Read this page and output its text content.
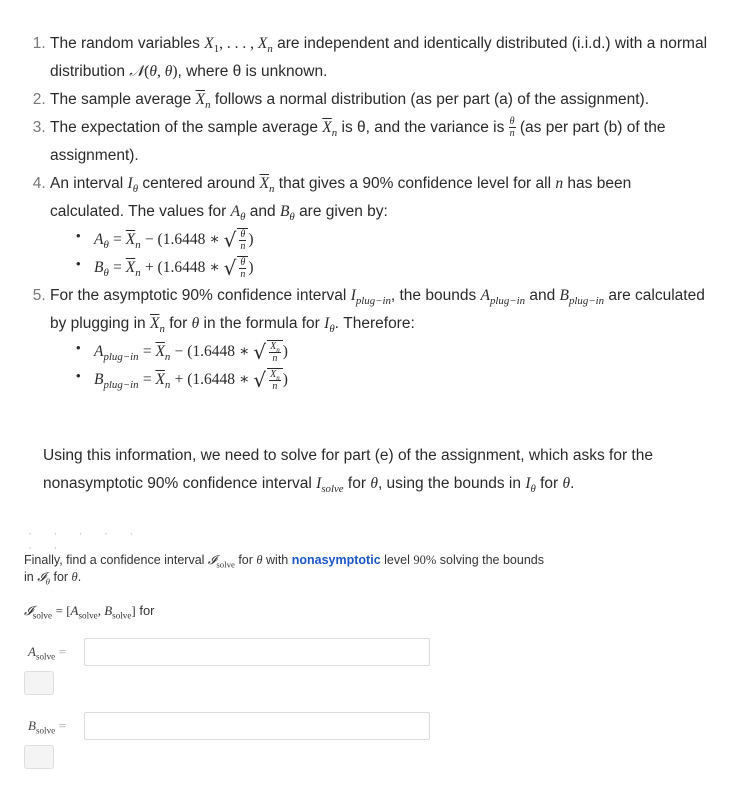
1. The random variables $X_1$, . . . , $X_n$ are independent and identically distributed (i.i.d.) with a normal distribution 𝒩(θ, θ), where θ is unknown.
2. The sample average $\overline{X}_n$ follows a normal distribution (as per part (a) of the assignment).
3. The expectation of the sample average $\overline{X}_n$ is θ, and the variance is $\frac{\theta}{n} (as$ per part (b) of the assignment).
4. An interval $I_\theta$ centered around $\overline{X}_n$ that gives a 90% confidence level for all n has been calculated. The values for $A_\theta$ and $B_\theta$ are given by:
• $A_\theta = \overline{X}_n - (1.6448$ ∗ √ $\frac{\theta}{n}$ )
• $B_\theta = \overline{X}_n + (1.6448$ ∗ √ $\frac{\theta}{n}$ )
5. For the asymptotic 90% confidence interval $I_{plug-in}$, the bounds $A_{plug-in}$ and $B_{plug-in}$ are calculated by plugging in $\overline{X}_n$ for θ in the formula for $I_\theta$. Therefore:
• $A_{plug-in} = \overline{X}_n - (1.6448$ ∗ √ $\frac{X_n}{n}$ )
• $B_{plug-in} = \overline{X}_n + (1.6448$ ∗ √ $\frac{X_n}{n}$ )

Using this information, we need to solve for part (e) of the assignment, which asks for the nonasymptotic 90% confidence interval $I_{solve}$ for θ, using the bounds in $I_\theta$ for θ.

· · · · · · ·

Finally, find a confidence interval 𝓘$_{solve}$ for θ with nonasymptotic level 90% solving the bounds in 𝓘$_\theta$ for θ.

𝓘$_{solve}$ = [$A_{solve}$, $B_{solve}$] for
$A_{solve}$ =
$B_{solve}$ =
